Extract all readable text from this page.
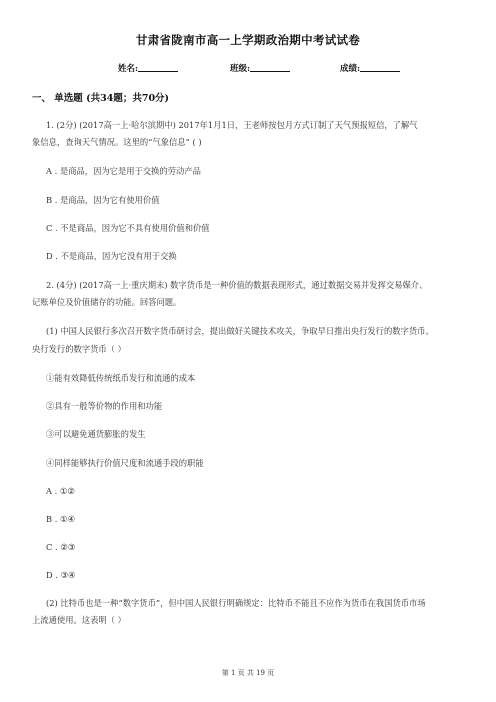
甘肃省陇南市高一上学期政治期中考试试卷
姓名:	班级:	成绩:
一、 单选题 (共34题；共70分)
1. (2分) (2017高一上·哈尔滨期中) 2017年1月1日，王老师按包月方式订制了天气预报短信，了解气
象信息，查询天气情况。这里的“气象信息” ( )
A . 是商品，因为它是用于交换的劳动产品
B . 是商品，因为它有使用价值
C . 不是商品，因为它不具有使用价值和价值
D . 不是商品，因为它没有用于交换
2. (4分) (2017高一上·重庆期末) 数字货币是一种价值的数据表现形式，通过数据交易并发挥交易媒介、
记账单位及价值储存的功能。回答问题。
(1) 中国人民银行多次召开数字货币研讨会，提出做好关键技术攻关，争取早日推出央行发行的数字货币。
央行发行的数字货币（ ）
①能有效降低传统纸币发行和流通的成本
②具有一般等价物的作用和功能
③可以避免通货膨胀的发生
④同样能够执行价值尺度和流通手段的职能
A . ①②
B . ①④
C . ②③
D . ③④
(2) 比特币也是一种“数字货币”，但中国人民银行明确规定：比特币不能且不应作为货币在我国货币市场
上流通使用。这表明（ ）
第 1 页 共 19 页
